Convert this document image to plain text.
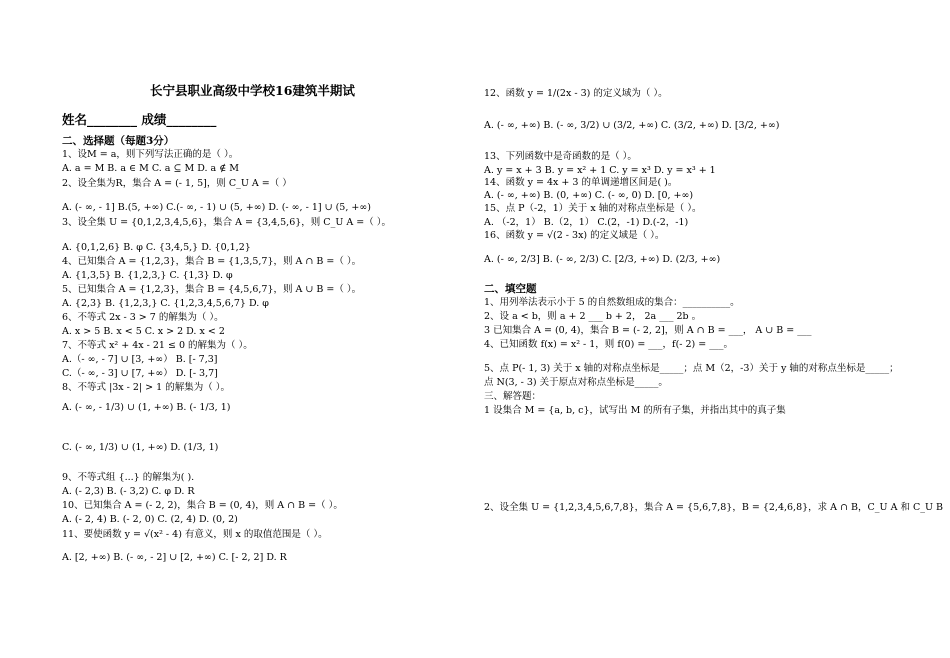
长宁县职业高级中学校16建筑半期试
姓名________ 成绩________
二、选择题（每题3分）
1、设M = a，则下列写法正确的是（ ）。
A. a = M B. a ∈ M C. a ⊆ M D. a ∉ M
2、设全集为R，集合 A = (- 1, 5]，则 C_U A =（ ）
A. (- ∞, - 1] B.(5, +∞) C.(- ∞, - 1) ∪ (5, +∞) D. (- ∞, - 1] ∪ (5, +∞)
3、设全集 U = {0,1,2,3,4,5,6}，集合 A = {3,4,5,6}，则 C_U A =（ ）。
A. {0,1,2,6} B. φ C. {3,4,5,} D. {0,1,2}
4、已知集合 A = {1,2,3}，集合 B = {1,3,5,7}，则 A ∩ B =（ ）。
A. {1,3,5} B. {1,2,3,} C. {1,3} D. φ
5、已知集合 A = {1,2,3}，集合 B = {4,5,6,7}，则 A ∪ B =（ ）。
A. {2,3} B. {1,2,3,} C. {1,2,3,4,5,6,7} D. φ
6、不等式 2x - 3 > 7 的解集为（ ）。
A. x > 5 B. x < 5 C. x > 2 D. x < 2
7、不等式 x² + 4x - 21 ≤ 0 的解集为（ ）。
A.（- ∞, - 7] ∪ [3, +∞） B. [- 7,3]
C.（- ∞, - 3] ∪ [7, +∞） D. [- 3,7]
8、不等式 |3x - 2| > 1 的解集为（ ）。
A. (- ∞, - 1/3) ∪ (1, +∞) B. (- 1/3, 1)
C. (- ∞, 1/3) ∪ (1, +∞) D. (1/3, 1)
9、不等式组 {...} 的解集为( ).
A. (- 2,3) B. (- 3,2) C. φ D. R
10、已知集合 A = (- 2, 2)，集合 B = (0, 4)，则 A ∩ B =（ ）。
A. (- 2, 4) B. (- 2, 0) C. (2, 4) D. (0, 2)
11、要使函数 y = √(x² - 4) 有意义，则 x 的取值范围是（ ）。
A. [2, +∞) B. (- ∞, - 2] ∪ [2, +∞) C. [- 2, 2] D. R
12、函数 y = 1/(2x - 3) 的定义域为（ ）。
A. (- ∞, +∞) B. (- ∞, 3/2) ∪ (3/2, +∞) C. (3/2, +∞) D. [3/2, +∞)
13、下列函数中是奇函数的是（ ）。
A. y = x + 3 B. y = x² + 1 C. y = x³ D. y = x³ + 1
14、函数 y = 4x + 3 的单调递增区间是( )。
A. (- ∞, +∞) B. (0, +∞) C. (- ∞, 0) D. [0, +∞)
15、点 P（-2，1）关于 x 轴的对称点坐标是（ ）。
A. （-2，1） B.（2，1） C.(2，-1) D.(-2，-1)
16、函数 y = √(2 - 3x) 的定义域是（ ）。
A. (- ∞, 2/3] B. (- ∞, 2/3) C. [2/3, +∞) D. (2/3, +∞)
二、填空题
1、用列举法表示小于 5 的自然数组成的集合：__________。
2、设 a < b，则 a + 2 ___ b + 2， 2a ___ 2b 。
3 已知集合 A = (0, 4)，集合 B = (- 2, 2]，则 A ∩ B = ___， A ∪ B = ___
4、已知函数 f(x) = x² - 1，则 f(0) = ___，f(- 2) = ___。
5、点 P(- 1, 3) 关于 x 轴的对称点坐标是_____；点 M（2，-3）关于 y 轴的对称点坐标是_____；
点 N(3, - 3) 关于原点对称点坐标是_____。
三、解答题：
1 设集合 M = {a, b, c}，试写出 M 的所有子集，并指出其中的真子集
2、设全集 U = {1,2,3,4,5,6,7,8}，集合 A = {5,6,7,8}，B = {2,4,6,8}，求 A ∩ B，C_U A 和 C_U B
